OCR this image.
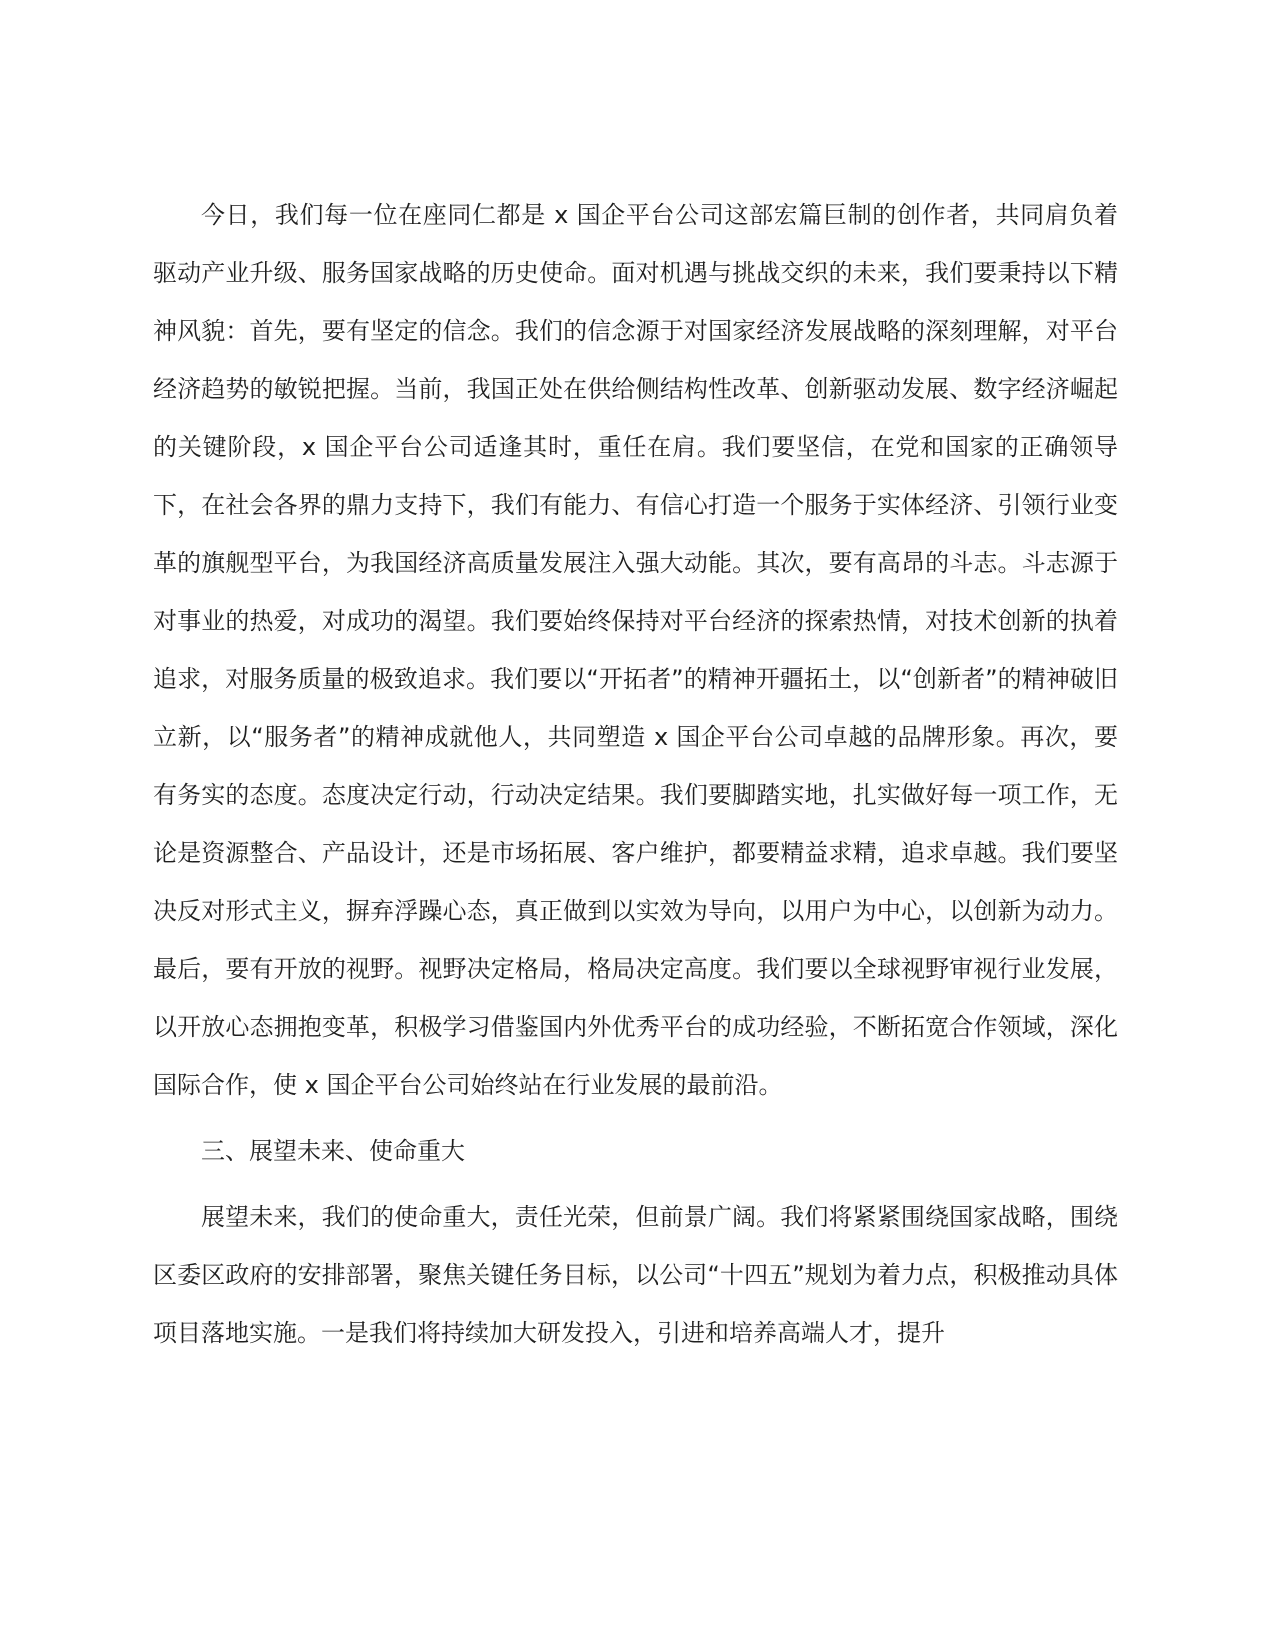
今日，我们每一位在座同仁都是 x 国企平台公司这部宏篇巨制的创作者，共同肩负着驱动产业升级、服务国家战略的历史使命。面对机遇与挑战交织的未来，我们要秉持以下精神风貌：首先，要有坚定的信念。我们的信念源于对国家经济发展战略的深刻理解，对平台经济趋势的敏锐把握。当前，我国正处在供给侧结构性改革、创新驱动发展、数字经济崛起的关键阶段，x 国企平台公司适逢其时，重任在肩。我们要坚信，在党和国家的正确领导下，在社会各界的鼎力支持下，我们有能力、有信心打造一个服务于实体经济、引领行业变革的旗舰型平台，为我国经济高质量发展注入强大动能。其次，要有高昂的斗志。斗志源于对事业的热爱，对成功的渴望。我们要始终保持对平台经济的探索热情，对技术创新的执着追求，对服务质量的极致追求。我们要以“开拓者”的精神开疆拓土，以“创新者”的精神破旧立新，以“服务者”的精神成就他人，共同塑造 x 国企平台公司卓越的品牌形象。再次，要有务实的态度。态度决定行动，行动决定结果。我们要脚踏实地，扎实做好每一项工作，无论是资源整合、产品设计，还是市场拓展、客户维护，都要精益求精，追求卓越。我们要坚决反对形式主义，摒弃浮躁心态，真正做到以实效为导向，以用户为中心，以创新为动力。最后，要有开放的视野。视野决定格局，格局决定高度。我们要以全球视野审视行业发展，以开放心态拥抱变革，积极学习借鉴国内外优秀平台的成功经验，不断拓宽合作领域，深化国际合作，使 x 国企平台公司始终站在行业发展的最前沿。

三、展望未来、使命重大

展望未来，我们的使命重大，责任光荣，但前景广阔。我们将紧紧围绕国家战略，围绕区委区政府的安排部署，聚焦关键任务目标，以公司“十四五”规划为着力点，积极推动具体项目落地实施。一是我们将持续加大研发投入，引进和培养高端人才，提升
